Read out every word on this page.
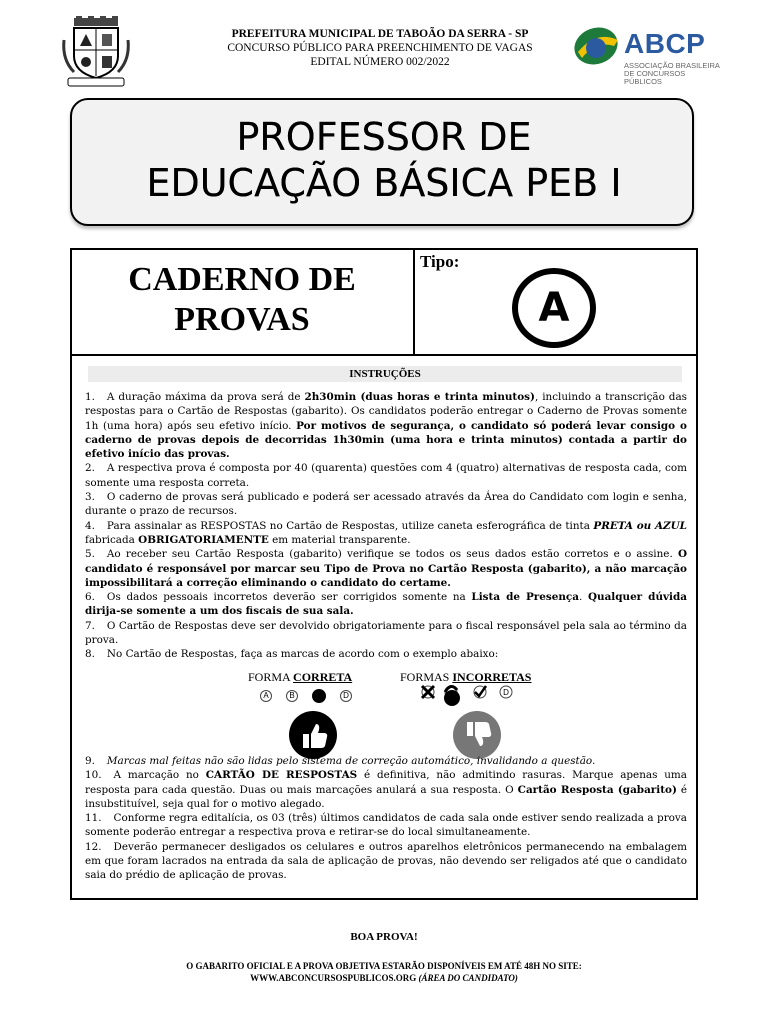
PREFEITURA MUNICIPAL DE TABOÃO DA SERRA - SP
CONCURSO PÚBLICO PARA PREENCHIMENTO DE VAGAS
EDITAL NÚMERO 002/2022
ABCP
ASSOCIAÇÃO BRASILEIRA DE CONCURSOS PÚBLICOS
PROFESSOR DE
EDUCAÇÃO BÁSICA PEB I
CADERNO DE
PROVAS
Tipo:
A
INSTRUÇÕES

1. A duração máxima da prova será de 2h30min (duas horas e trinta minutos), incluindo a transcrição das respostas para o Cartão de Respostas (gabarito). Os candidatos poderão entregar o Caderno de Provas somente 1h (uma hora) após seu efetivo início. Por motivos de segurança, o candidato só poderá levar consigo o caderno de provas depois de decorridas 1h30min (uma hora e trinta minutos) contada a partir do efetivo início das provas.

2. A respectiva prova é composta por 40 (quarenta) questões com 4 (quatro) alternativas de resposta cada, com somente uma resposta correta.

3. O caderno de provas será publicado e poderá ser acessado através da Área do Candidato com login e senha, durante o prazo de recursos.

4. Para assinalar as RESPOSTAS no Cartão de Respostas, utilize caneta esferográfica de tinta PRETA ou AZUL fabricada OBRIGATORIAMENTE em material transparente.

5. Ao receber seu Cartão Resposta (gabarito) verifique se todos os seus dados estão corretos e o assine. O candidato é responsável por marcar seu Tipo de Prova no Cartão Resposta (gabarito), a não marcação impossibilitará a correção eliminando o candidato do certame.

6. Os dados pessoais incorretos deverão ser corrigidos somente na Lista de Presença. Qualquer dúvida dirija-se somente a um dos fiscais de sua sala.

7. O Cartão de Respostas deve ser devolvido obrigatoriamente para o fiscal responsável pela sala ao término da prova.

8. No Cartão de Respostas, faça as marcas de acordo com o exemplo abaixo:

FORMA CORRETA	FORMAS INCORRETAS
A	B	D	D

9. Marcas mal feitas não são lidas pelo sistema de correção automático, invalidando a questão.

10. A marcação no CARTÃO DE RESPOSTAS é definitiva, não admitindo rasuras. Marque apenas uma resposta para cada questão. Duas ou mais marcações anulará a sua resposta. O Cartão Resposta (gabarito) é insubstituível, seja qual for o motivo alegado.

11. Conforme regra editalícia, os 03 (três) últimos candidatos de cada sala onde estiver sendo realizada a prova somente poderão entregar a respectiva prova e retirar-se do local simultaneamente.

12. Deverão permanecer desligados os celulares e outros aparelhos eletrônicos permanecendo na embalagem em que foram lacrados na entrada da sala de aplicação de provas, não devendo ser religados até que o candidato saia do prédio de aplicação de provas.

BOA PROVA!
O GABARITO OFICIAL E A PROVA OBJETIVA ESTARÃO DISPONÍVEIS EM ATÉ 48H NO SITE:
WWW.ABCONCURSOSPUBLICOS.ORG (ÁREA DO CANDIDATO)
